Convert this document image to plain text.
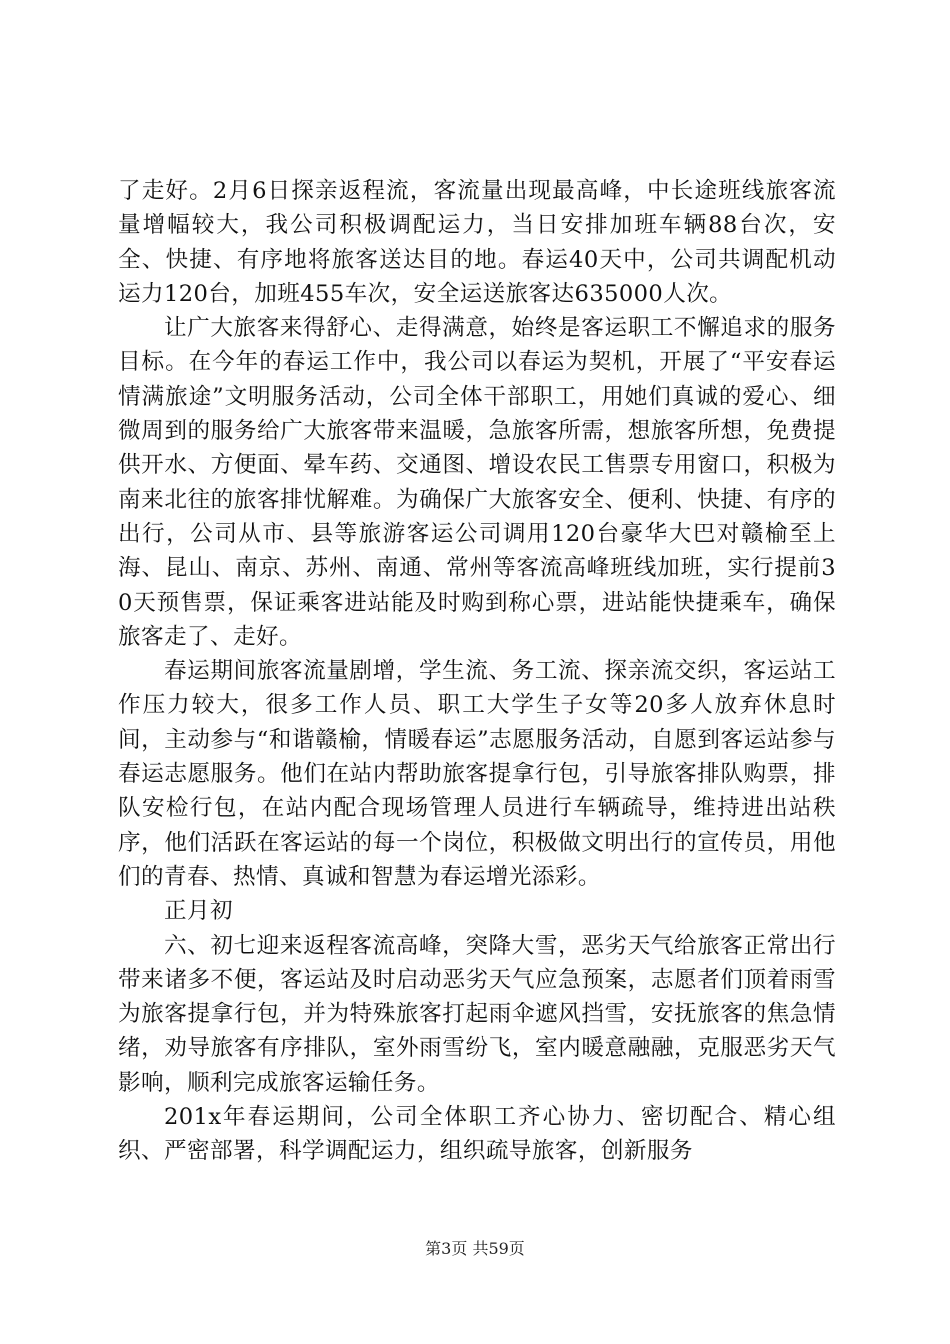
了走好。2月6日探亲返程流，客流量出现最高峰，中长途班线旅客流量增幅较大，我公司积极调配运力，当日安排加班车辆88台次，安全、快捷、有序地将旅客送达目的地。春运40天中，公司共调配机动运力120台，加班455车次，安全运送旅客达635000人次。

让广大旅客来得舒心、走得满意，始终是客运职工不懈追求的服务目标。在今年的春运工作中，我公司以春运为契机，开展了“平安春运情满旅途”文明服务活动，公司全体干部职工，用她们真诚的爱心、细微周到的服务给广大旅客带来温暖，急旅客所需，想旅客所想，免费提供开水、方便面、晕车药、交通图、增设农民工售票专用窗口，积极为南来北往的旅客排忧解难。为确保广大旅客安全、便利、快捷、有序的出行，公司从市、县等旅游客运公司调用120台豪华大巴对赣榆至上海、昆山、南京、苏州、南通、常州等客流高峰班线加班，实行提前30天预售票，保证乘客进站能及时购到称心票，进站能快捷乘车，确保旅客走了、走好。

春运期间旅客流量剧增，学生流、务工流、探亲流交织，客运站工作压力较大，很多工作人员、职工大学生子女等20多人放弃休息时间，主动参与“和谐赣榆，情暖春运”志愿服务活动，自愿到客运站参与春运志愿服务。他们在站内帮助旅客提拿行包，引导旅客排队购票，排队安检行包，在站内配合现场管理人员进行车辆疏导，维持进出站秩序，他们活跃在客运站的每一个岗位，积极做文明出行的宣传员，用他们的青春、热情、真诚和智慧为春运增光添彩。

正月初

六、初七迎来返程客流高峰，突降大雪，恶劣天气给旅客正常出行带来诸多不便，客运站及时启动恶劣天气应急预案，志愿者们顶着雨雪为旅客提拿行包，并为特殊旅客打起雨伞遮风挡雪，安抚旅客的焦急情绪，劝导旅客有序排队，室外雨雪纷飞，室内暖意融融，克服恶劣天气影响，顺利完成旅客运输任务。

201x年春运期间，公司全体职工齐心协力、密切配合、精心组织、严密部署，科学调配运力，组织疏导旅客，创新服务

第3页 共59页
